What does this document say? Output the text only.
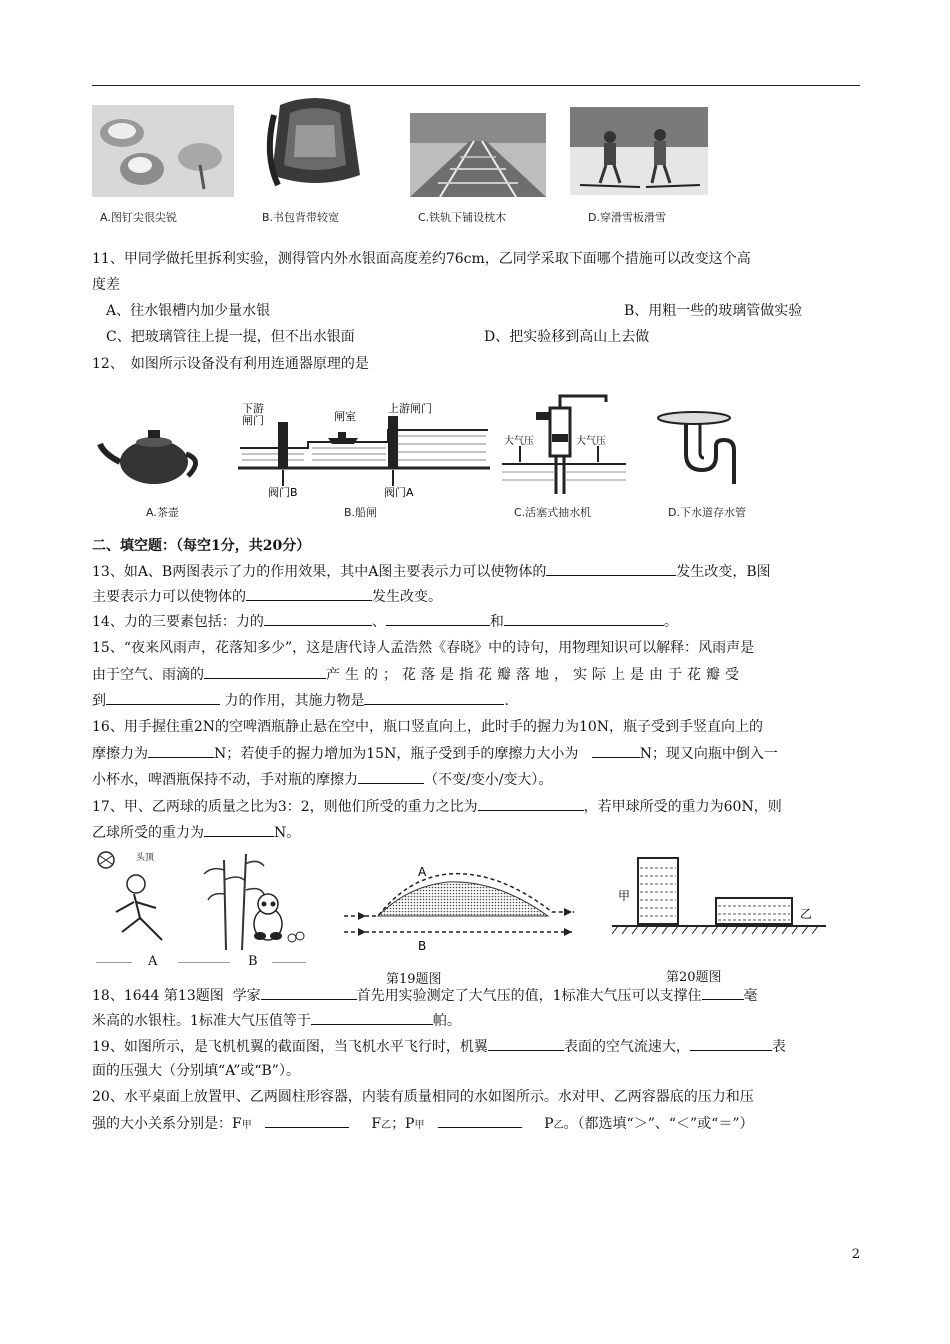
A.图钉尖很尖锐	B.书包背带较宽	C.铁轨下铺设枕木	D.穿滑雪板滑雪
11、甲同学做托里拆利实验，测得管内外水银面高度差约76cm，乙同学采取下面哪个措施可以改变这个高
度差
A、往水银槽内加少量水银	B、用粗一些的玻璃管做实验
C、把玻璃管往上提一提，但不出水银面	D、把实验移到高山上去做
12、　如图所示设备没有利用连通器原理的是
下游
闸门	闸室
上游闸门
阀门B	阀门A
大气压	大气压
A.茶壶	B.船闸	C.活塞式抽水机	D.下水道存水管
二、填空题：（每空1分，共20分）
13、如A、B两图表示了力的作用效果，其中A图主要表示力可以使物体的	发生改变，B图
主要表示力可以使物体的	发生改变。
14、力的三要素包括：力的	、	和	。
15、“夜来风雨声，花落知多少”，这是唐代诗人孟浩然《春晓》中的诗句，用物理知识可以解释：风雨声是
由于空气、雨滴的	产生的；花落是指花瓣落地，实际上是由于花瓣受
到	力的作用，其施力物是	.
16、用手握住重2N的空啤酒瓶静止悬在空中，瓶口竖直向上，此时手的握力为10N，瓶子受到手竖直向上的
摩擦力为	N；若使手的握力增加为15N，瓶子受到手的摩擦力大小为	N；现又向瓶中倒入一
小杯水，啤酒瓶保持不动，手对瓶的摩擦力	（不变/变小/变大）。
17、甲、乙两球的质量之比为3：2，则他们所受的重力之比为	，若甲球所受的重力为60N，则
乙球所受的重力为	N。
头顶
A	B
A
B
第19题图
甲
乙
第20题图
18、1644 第13题图 学家	首先用实验测定了大气压的值，1标准大气压可以支撑住	毫
米高的水银柱。1标准大气压值等于	帕。
19、如图所示，是飞机机翼的截面图，当飞机水平飞行时，机翼	表面的空气流速大，	表
面的压强大（分别填“A”或“B”）。
20、水平桌面上放置甲、乙两圆柱形容器，内装有质量相同的水如图所示。水对甲、乙两容器底的压力和压
强的大小关系分别是：F甲	F乙；P甲	P乙。（都选填“＞”、“＜”或“＝”）
2
